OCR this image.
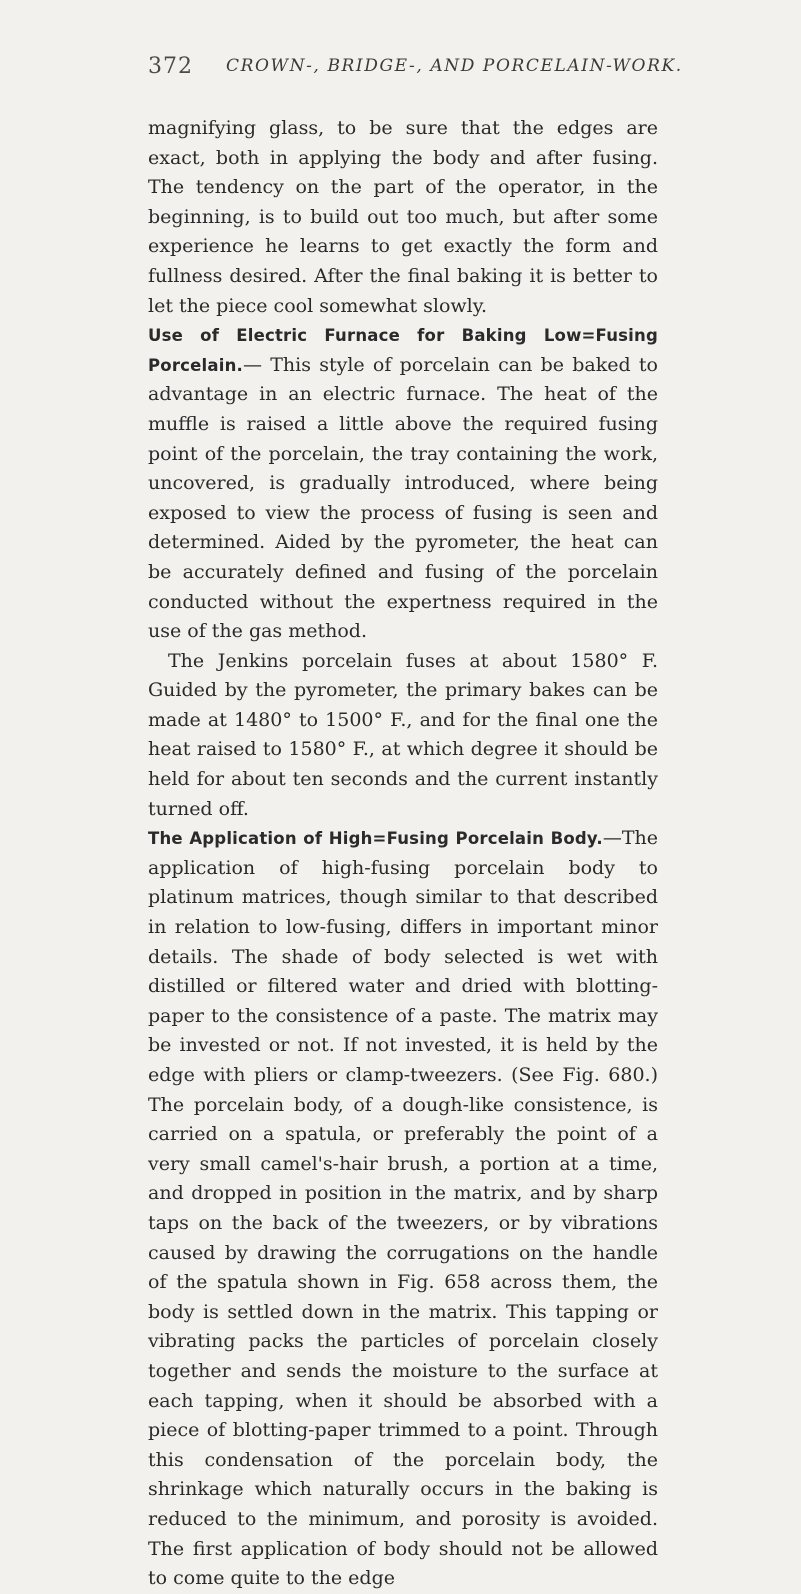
372 CROWN-, BRIDGE-, AND PORCELAIN-WORK.

magnifying glass, to be sure that the edges are exact, both in applying the body and after fusing. The tendency on the part of the operator, in the beginning, is to build out too much, but after some experience he learns to get exactly the form and fullness desired. After the final baking it is better to let the piece cool somewhat slowly.

Use of Electric Furnace for Baking Low=Fusing Porcelain.— This style of porcelain can be baked to advantage in an electric furnace. The heat of the muffle is raised a little above the required fusing point of the porcelain, the tray containing the work, uncovered, is gradually introduced, where being exposed to view the process of fusing is seen and determined. Aided by the pyrometer, the heat can be accurately defined and fusing of the porcelain conducted without the expertness required in the use of the gas method.

The Jenkins porcelain fuses at about 1580° F. Guided by the pyrometer, the primary bakes can be made at 1480° to 1500° F., and for the final one the heat raised to 1580° F., at which degree it should be held for about ten seconds and the current instantly turned off.

The Application of High=Fusing Porcelain Body.—The application of high-fusing porcelain body to platinum matrices, though similar to that described in relation to low-fusing, differs in important minor details. The shade of body selected is wet with distilled or filtered water and dried with blotting-paper to the consistence of a paste. The matrix may be invested or not. If not invested, it is held by the edge with pliers or clamp-tweezers. (See Fig. 680.) The porcelain body, of a dough-like consistence, is carried on a spatula, or preferably the point of a very small camel's-hair brush, a portion at a time, and dropped in position in the matrix, and by sharp taps on the back of the tweezers, or by vibrations caused by drawing the corrugations on the handle of the spatula shown in Fig. 658 across them, the body is settled down in the matrix. This tapping or vibrating packs the particles of porcelain closely together and sends the moisture to the surface at each tapping, when it should be absorbed with a piece of blotting-paper trimmed to a point. Through this condensation of the porcelain body, the shrinkage which naturally occurs in the baking is reduced to the minimum, and porosity is avoided. The first application of body should not be allowed to come quite to the edge
